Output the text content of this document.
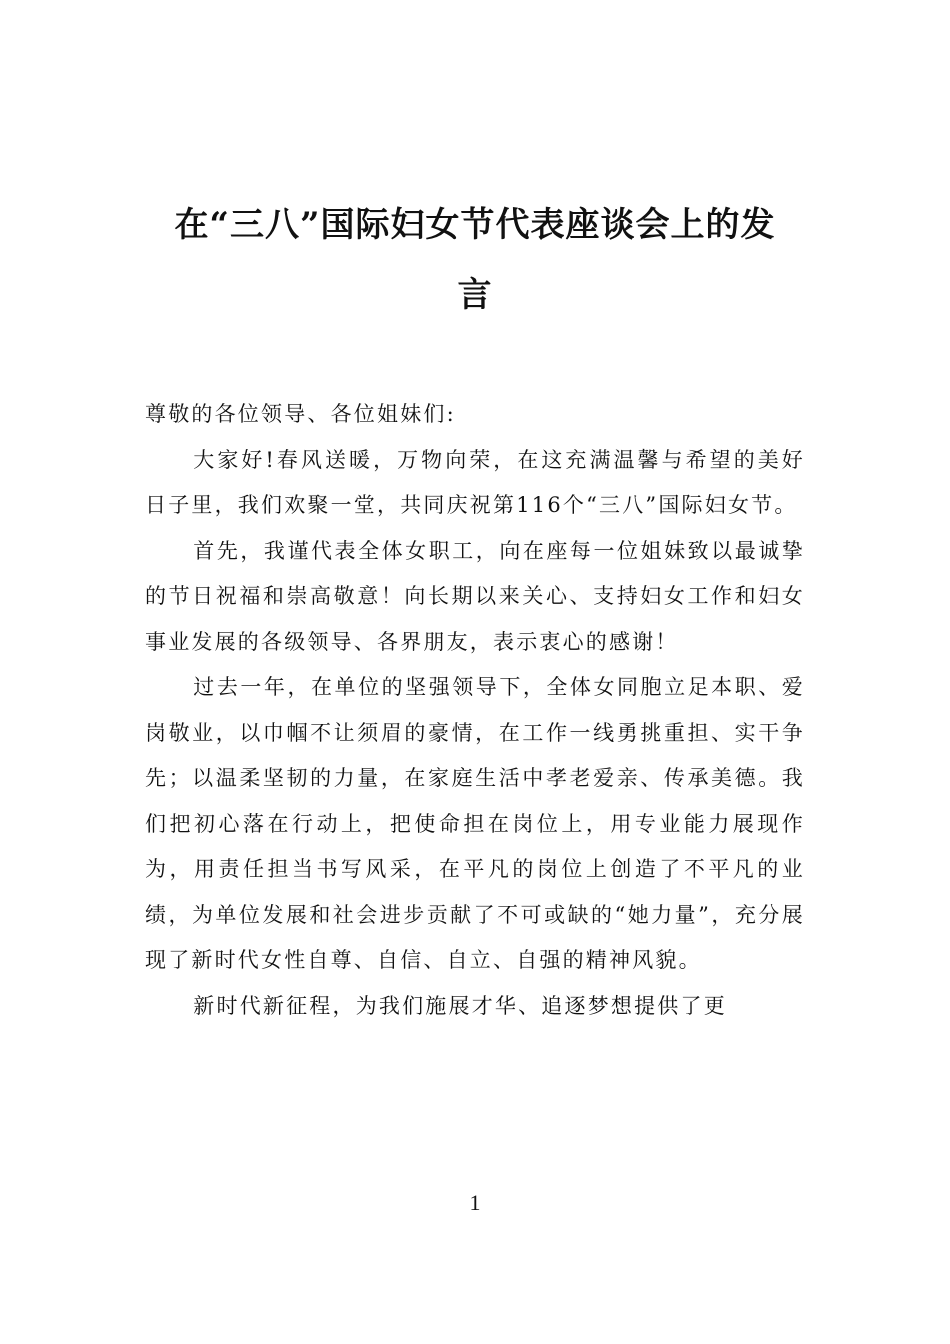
在“三八”国际妇女节代表座谈会上的发
言

尊敬的各位领导、各位姐妹们:

大家好!春风送暖，万物向荣，在这充满温馨与希望的美好日子里，我们欢聚一堂，共同庆祝第116个“三八”国际妇女节。

首先，我谨代表全体女职工，向在座每一位姐妹致以最诚挚的节日祝福和崇高敬意！向长期以来关心、支持妇女工作和妇女事业发展的各级领导、各界朋友，表示衷心的感谢！

过去一年，在单位的坚强领导下，全体女同胞立足本职、爱岗敬业，以巾帼不让须眉的豪情，在工作一线勇挑重担、实干争先；以温柔坚韧的力量，在家庭生活中孝老爱亲、传承美德。我们把初心落在行动上，把使命担在岗位上，用专业能力展现作为，用责任担当书写风采，在平凡的岗位上创造了不平凡的业绩，为单位发展和社会进步贡献了不可或缺的“她力量”，充分展现了新时代女性自尊、自信、自立、自强的精神风貌。

新时代新征程，为我们施展才华、追逐梦想提供了更

1
